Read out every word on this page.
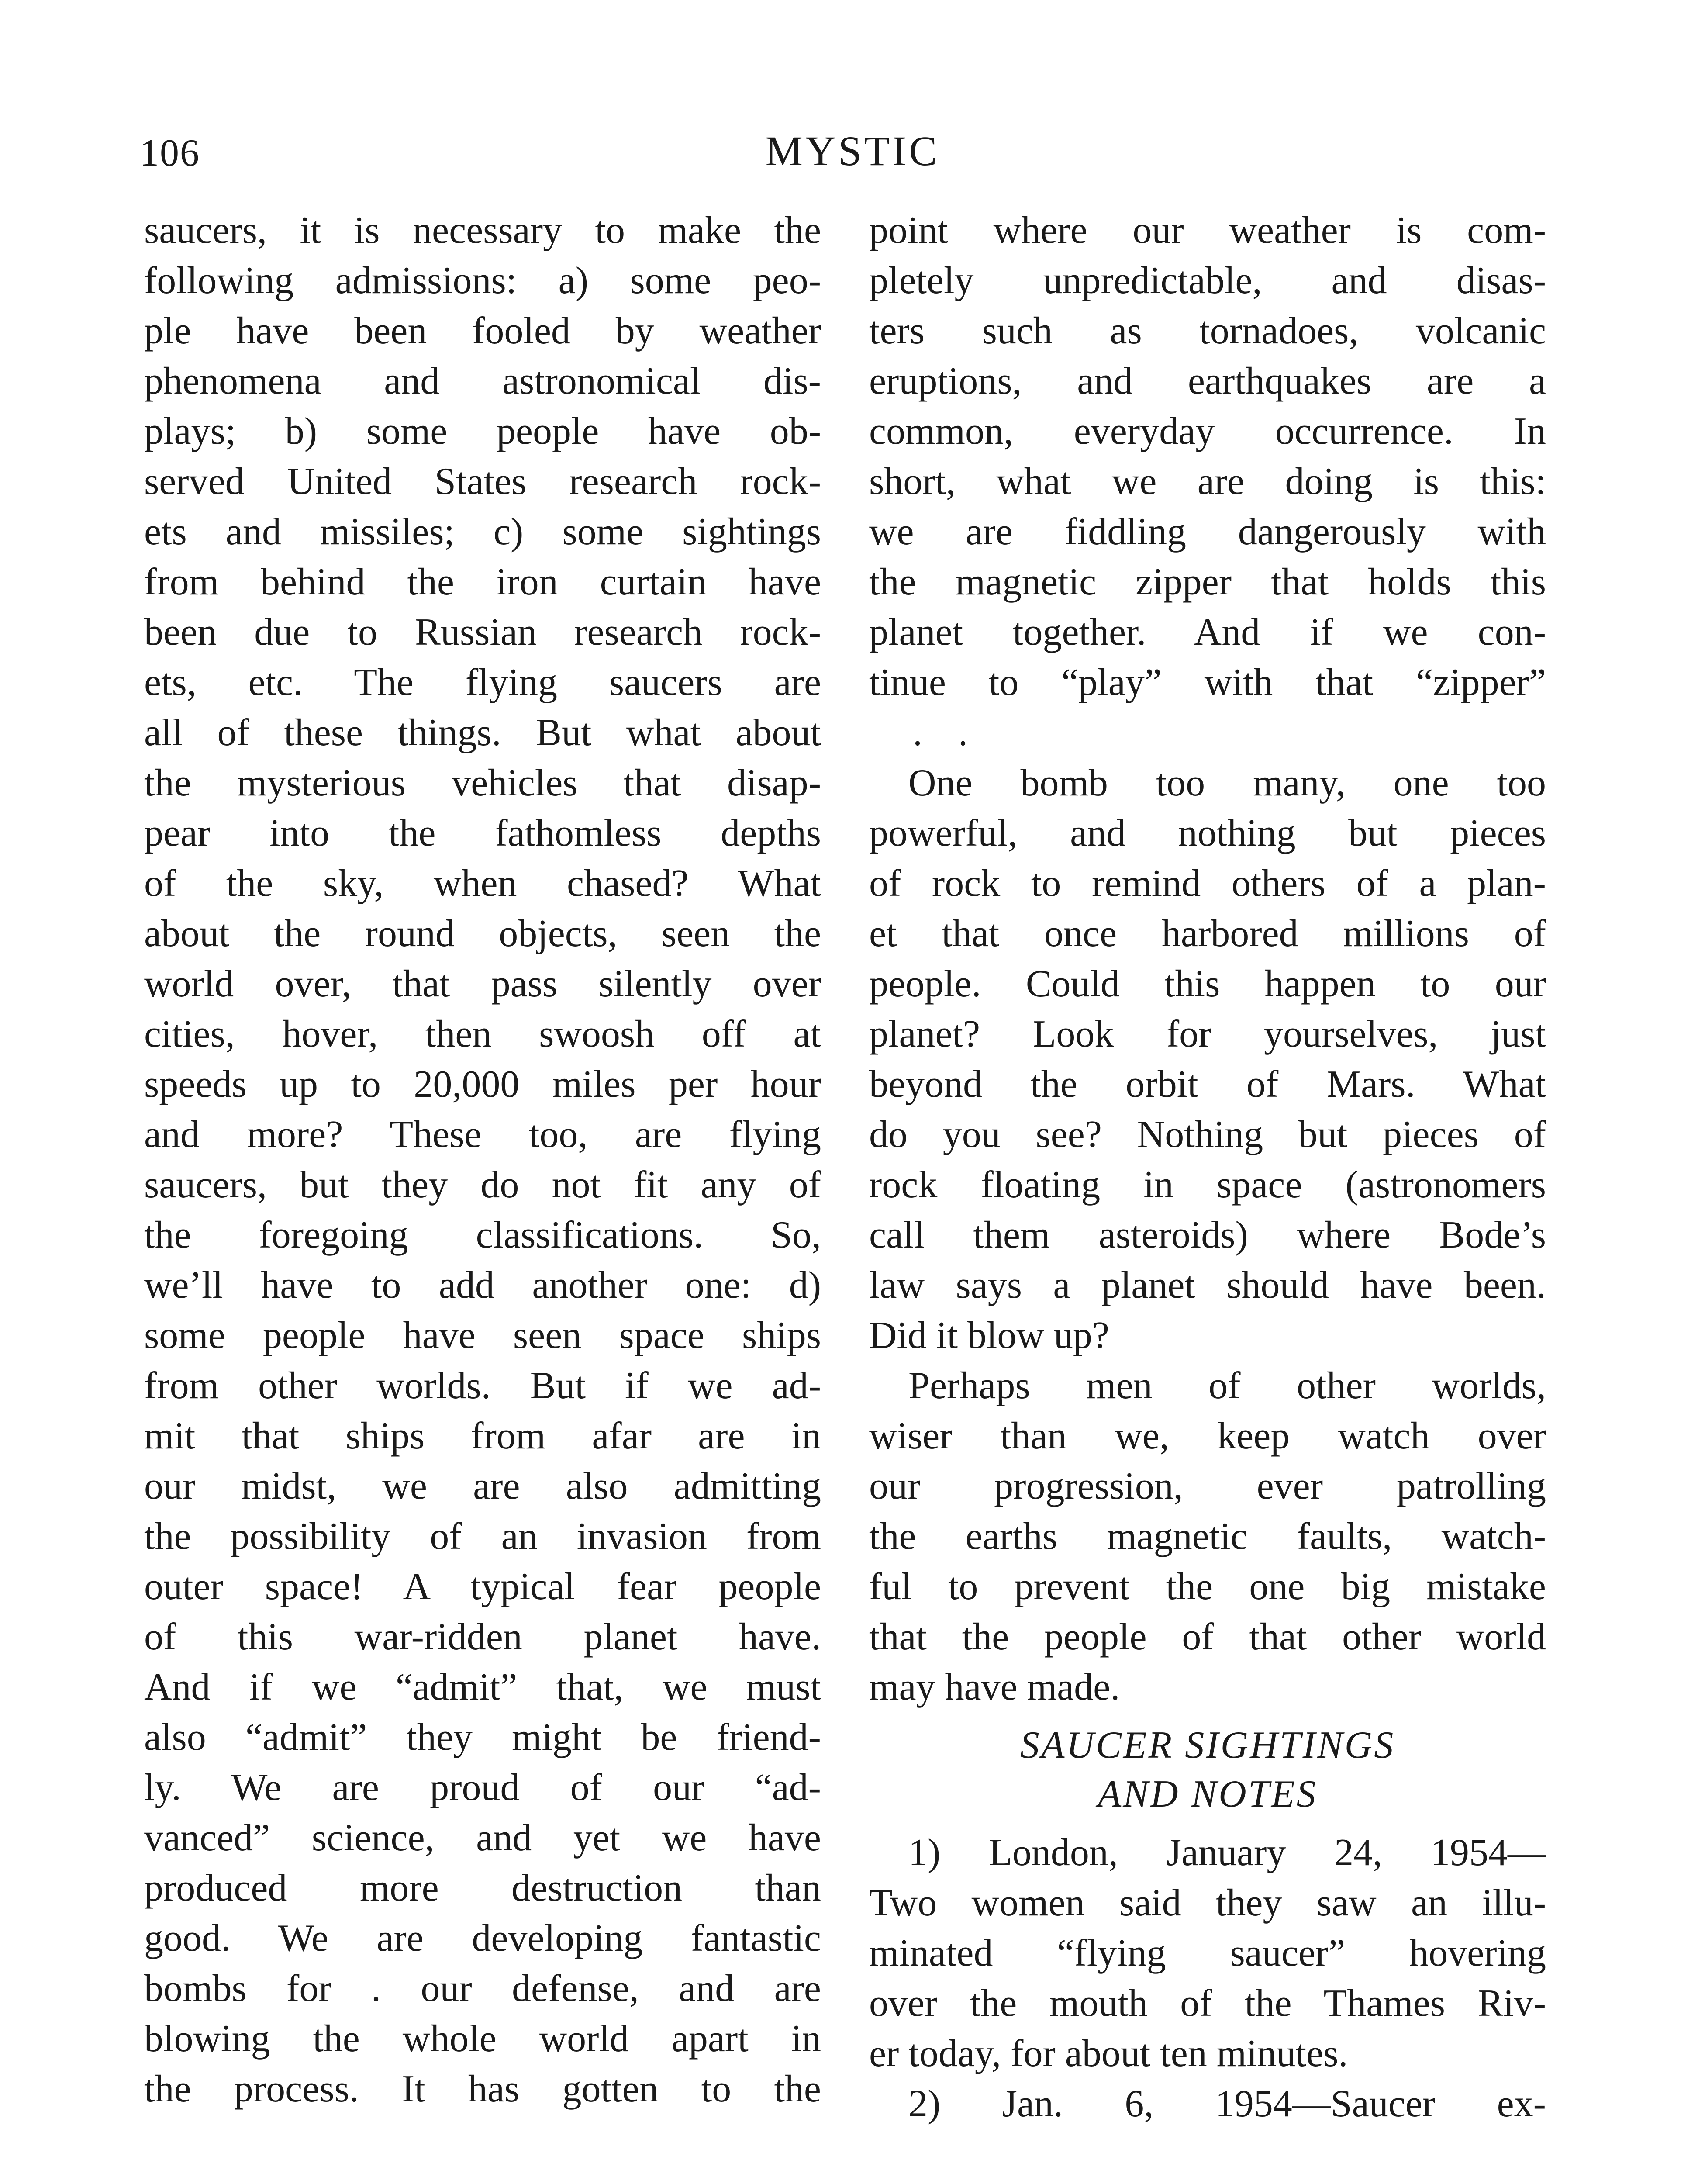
106	MYSTIC
saucers, it is necessary to make the
following admissions: a) some peo-
ple have been fooled by weather
phenomena and astronomical dis-
plays; b) some people have ob-
served United States research rock-
ets and missiles; c) some sightings
from behind the iron curtain have
been due to Russian research rock-
ets, etc. The flying saucers are
all of these things. But what about
the mysterious vehicles that disap-
pear into the fathomless depths
of the sky, when chased? What
about the round objects, seen the
world over, that pass silently over
cities, hover, then swoosh off at
speeds up to 20,000 miles per hour
and more? These too, are flying
saucers, but they do not fit any of
the foregoing classifications. So,
we’ll have to add another one: d)
some people have seen space ships
from other worlds. But if we ad-
mit that ships from afar are in
our midst, we are also admitting
the possibility of an invasion from
outer space! A typical fear people
of this war-ridden planet have.
And if we “admit” that, we must
also “admit” they might be friend-
ly. We are proud of our “ad-
vanced” science, and yet we have
produced more destruction than
good. We are developing fantastic
bombs for . our defense, and are
blowing the whole world apart in
the process. It has gotten to the
point where our weather is com-
pletely unpredictable, and disas-
ters such as tornadoes, volcanic
eruptions, and earthquakes are a
common, everyday occurrence. In
short, what we are doing is this:
we are fiddling dangerously with
the magnetic zipper that holds this
planet together. And if we con-
tinue to “play” with that “zipper”
. .
One bomb too many, one too
powerful, and nothing but pieces
of rock to remind others of a plan-
et that once harbored millions of
people. Could this happen to our
planet? Look for yourselves, just
beyond the orbit of Mars. What
do you see? Nothing but pieces of
rock floating in space (astronomers
call them asteroids) where Bode’s
law says a planet should have been.
Did it blow up?
Perhaps men of other worlds,
wiser than we, keep watch over
our progression, ever patrolling
the earths magnetic faults, watch-
ful to prevent the one big mistake
that the people of that other world
may have made.
SAUCER SIGHTINGS
AND NOTES
1) London, January 24, 1954—
Two women said they saw an illu-
minated “flying saucer” hovering
over the mouth of the Thames Riv-
er today, for about ten minutes.
2) Jan. 6, 1954—Saucer ex-
